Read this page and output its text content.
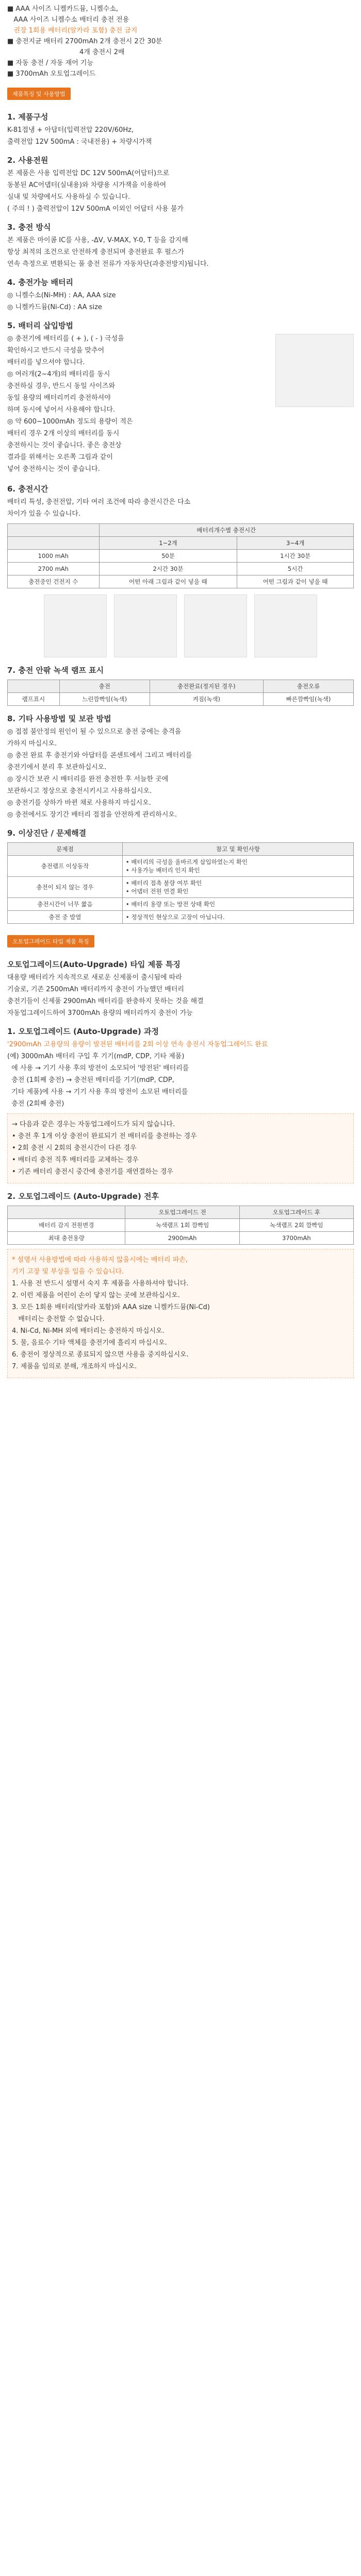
■ AAA 사이즈 니켈카드뮴, 니켈수소,
AAA 사이즈 니켈수소 배터리 충전 전용
권장 1회용 배터리(알카라 포함) 충전 금지
■ 충전지균 배터리 2700mAh 2개 충전시 2간 30분
4개 충전시 2배
■ 자동 충전 / 자동 재어 기능
■ 3700mAh 오토업그레이드
제품특징 및 사용방법
1. 제품구성

K-81접냉 + 아답터(입력전압 220V/60Hz,

출력전압 12V 500mA : 국내전용) + 차량시가잭

2. 사용전원

본 제품은 사용 입력전압 DC 12V 500mA(어답터)으로

동봉된 AC어댑터(실내용)와 차량용 시가잭을 이용하여

실내 및 차량에서도 사용하실 수 있습니다.

( 주의 ! ) 출력전압이 12V 500mA 이외인 어답터 사용 불가

3. 충전 방식

본 제품은 마이콤 IC를 사용, -ΔV, V-MAX, Y-0, T 등을 감지해

항상 최적의 조건으로 안전하게 충전되며 충전완료 후 펄스가

연속 측정으로 변환되는 풀 충전 전류가 자동차단(과충전방지)됩니다.

4. 충전가능 배터리

◎ 니켈수소(Ni-MH) : AA, AAA size

◎ 니켈카드뮴(Ni-Cd) : AA size

5. 배터리 삽입방법

◎ 충전기에 배터리를 ( + ), ( - ) 극성을

확인하시고 반드시 극성을 맞추어

배터리를 넣으셔야 합니다.

◎ 여러개(2~4개)의 배터리를 동시

충전하실 경우, 반드시 동일 사이즈와

동일 용량의 배터리끼리 충전하셔야

하며 동시에 넣어서 사용해야 합니다.

◎ 약 600~1000mAh 정도의 용량이 적은

배터리 경우 2개 이상의 배터리를 동시

충전하시는 것이 좋습니다. 좋은 충전상

결과를 위해서는 오른쪽 그림과 같이

넣어 충전하시는 것이 좋습니다.

6. 충전시간

배터리 특성, 충전전압, 기타 여러 조건에 따라 충전시간은 다소

차이가 있을 수 있습니다.

	배터리개수별 충전시간	
	1~2개	3~4개
1000 mAh	50분	1시간 30분
2700 mAh	2시간 30분	5시간
충전중인 건전지 수	어떤 아래 그림과 같이 넣을 때	어떤 그림과 같이 넣을 때
7. 충전 안팎 녹색 램프 표시
	충전	충전완료(정지된 경우)	충전오류
램프표시	느린깜빡임(녹색)	켜짐(녹색)	빠른깜빡임(녹색)
8. 기타 사용방법 및 보관 방법

◎ 접점 불안정의 원인이 될 수 있으므로 충전 중에는 충격을

가하지 마십시오.

◎ 충전 완료 후 충전기와 아답터를 콘센트에서 그리고 배터리를

충전기에서 분리 후 보관하십시오.

◎ 장시간 보관 시 배터리를 완전 충전한 후 서늘한 곳에

보관하시고 정상으로 충전시키시고 사용하십시오.

◎ 충전기를 상하가 바뀐 채로 사용하지 마십시오.

◎ 충전에서도 장기간 배터리 접점을 안전하게 관리하시오.

9. 이상진단 / 문제해결
문제점	참고 및 확인사항
충전램프 이상동작	• 배터리의 극성을 올바르게 삽입하였는지 확인
• 사용가능 배터리 인지 확인
충전이 되지 않는 경우	• 배터리 접촉 불량 여부 확인
• 어댑터 전원 연결 확인
충전시간이 너무 짧음	• 배터리 용량 또는 방전 상태 확인
충전 중 발열	• 정상적인 현상으로 고장이 아닙니다.
오토업그레이드 타입 제품 특징
오토업그레이드(Auto-Upgrade) 타입 제품 특징

대용량 배터리가 지속적으로 새로운 신제품이 출시됨에 따라

기술로, 기존 2500mAh 배터리까지 충전이 가능했던 배터리

충전기들이 신제품 2900mAh 배터리를 완충하지 못하는 것을 해결

자동업그레이드하여 3700mAh 용량의 배터리까지 충전이 가능

1. 오토업그레이드 (Auto-Upgrade) 과정

'2900mAh 고용량의 용량이 발전된 배터리를 2회 이상 연속 충전시 자동업그레이드 완료

(예) 3000mAh 배터리 구입 후 기기(mdP, CDP, 기타 제품)

에 사용 → 기기 사용 후의 방전이 소모되어 '방전된' 배터리를

충전 (1회째 충전) → 충전된 배터리를 기기(mdP, CDP,

기타 제품)에 사용 → 기기 사용 후의 방전이 소모된 배터리를

충전 (2회째 충전)

→ 다음과 같은 경우는 자동업그레이드가 되지 않습니다.

• 충전 후 1개 이상 충전이 완료되기 전 배터리를 충전하는 경우

• 2회 충전 시 2회의 충전시간이 다른 경우

• 배터리 충전 직후 배터리를 교체하는 경우

• 기존 배터리 충전시 중간에 충전기를 재연결하는 경우

2. 오토업그레이드 (Auto-Upgrade) 전후
	오토업그레이드 전	오토업그레이드 후
배터리 감지 전원변경	녹색램프 1회 깜빡임	녹색램프 2회 깜빡임
최대 충전용량	2900mAh	3700mAh

* 설명서 사용방법에 따라 사용하지 않을시에는 배터리 파손,

기기 고장 및 부상을 입을 수 있습니다.

1. 사용 전 반드시 설명서 숙지 후 제품을 사용하셔야 합니다.

2. 이런 제품을 어린이 손이 닿지 않는 곳에 보관하십시오.

3. 모든 1회용 배터리(알카라 포함)와 AAA size 니켈카드뮴(Ni-Cd)

배터리는 충전할 수 없습니다.

4. Ni-Cd, Ni-MH 외에 배터리는 충전하지 마십시오.

5. 물, 음료수 기타 액체를 충전기에 흘리지 마십시오.

6. 충전이 정상적으로 종료되지 않으면 사용을 중지하십시오.

7. 제품을 임의로 분해, 개조하지 마십시오.
